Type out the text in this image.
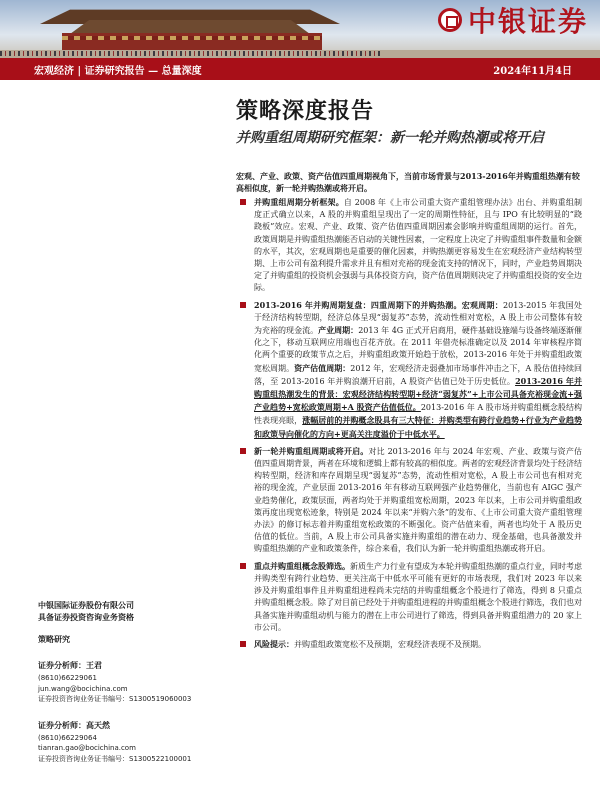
中银证券
宏观经济 | 证券研究报告 — 总量深度	2024年11月4日
策略深度报告
并购重组周期研究框架：新一轮并购热潮或将开启
宏观、产业、政策、资产估值四重周期视角下，当前市场背景与2013-2016年并购重组热潮有较高相似度，新一轮并购热潮或将开启。
并购重组周期分析框架。自 2008 年《上市公司重大资产重组管理办法》出台、并购重组制度正式确立以来，A 股的并购重组呈现出了一定的周期性特征，且与 IPO 有比较明显的“跷跷板”效应。宏观、产业、政策、资产估值四重周期因素会影响并购重组周期的运行。首先，政策周期是并购重组热潮能否启动的关键性因素，一定程度上决定了并购重组事件数量和金额的水平，其次，宏观周期也是重要的催化因素，并购热潮更容易发生在宏观经济产业结构转型期、上市公司有盈利提升需求并且有相对充裕的现金流支持的情况下，同时，产业趋势周期决定了并购重组的投资机会强弱与具体投资方向，资产估值周期则决定了并购重组投资的安全边际。
2013-2016 年并购周期复盘：四重周期下的并购热潮。宏观周期：2013-2015 年我国处于经济结构转型期，经济总体呈现“弱复苏”态势，流动性相对宽松，A 股上市公司整体有较为充裕的现金流。产业周期：2013 年 4G 正式开启商用，硬件基础设施端与设备终端逐渐催化之下，移动互联网应用端也百花齐放。在 2011 年借壳标准确定以及 2014 年审核程序简化两个重要的政策节点之后，并购重组政策开始趋于放松，2013-2016 年处于并购重组政策宽松周期。资产估值周期：2012 年，宏观经济走弱叠加市场事件冲击之下，A 股估值持续回落，至 2013-2016 年并购浪潮开启前，A 股资产估值已处于历史低位。2013-2016 年并购重组热潮发生的背景：宏观经济结构转型期+经济“弱复苏”+上市公司具备充裕现金流+强产业趋势+宽松政策周期+A 股资产估值低位。2013-2016 年 A 股市场并购重组概念股结构性表现亮眼，涨幅居前的并购概念股具有三大特征：并购类型有跨行业趋势+行业为产业趋势和政策导向催化的方向+更高关注度溢价于中低水平。
新一轮并购重组周期或将开启。对比 2013-2016 年与 2024 年宏观、产业、政策与资产估值四重周期背景，两者在环境和逻辑上都有较高的相似度。两者的宏观经济背景均处于经济结构转型期，经济和库存周期呈现“弱复苏”态势，流动性相对宽松，A 股上市公司也有相对充裕的现金流，产业层面 2013-2016 年有移动互联网强产业趋势催化，当前也有 AIGC 强产业趋势催化，政策层面，两者均处于并购重组宽松周期，2023 年以来，上市公司并购重组政策再度出现宽松迹象，特别是 2024 年以来“并购六条”的发布、《上市公司重大资产重组管理办法》的修订标志着并购重组宽松政策的不断强化。资产估值来看，两者也均处于 A 股历史估值的低位。当前，A 股上市公司具备实施并购重组的潜在动力、现金基础，也具备激发并购重组热潮的产业和政策条件，综合来看，我们认为新一轮并购重组热潮或将开启。
重点并购重组概念股筛选。新质生产力行业有望成为本轮并购重组热潮的重点行业，同时考虑并购类型有跨行业趋势、更关注高于中低水平可能有更好的市场表现，我们对 2023 年以来涉及并购重组事件且并购重组进程尚未完结的并购重组概念个股进行了筛选，得到 8 只重点并购重组概念股。除了对目前已经处于并购重组进程的并购重组概念个股进行筛选，我们也对具备实施并购重组动机与能力的潜在上市公司进行了筛选，得到具备并购重组潜力的 20 家上市公司。
风险提示：并购重组政策宽松不及预期，宏观经济表现不及预期。
中银国际证券股份有限公司
具备证券投资咨询业务资格
策略研究
证券分析师：王君
(8610)66229061
jun.wang@bocichina.com
证券投资咨询业务证书编号：S1300519060003
证券分析师：高天然
(8610)66229064
tianran.gao@bocichina.com
证券投资咨询业务证书编号：S1300522100001
